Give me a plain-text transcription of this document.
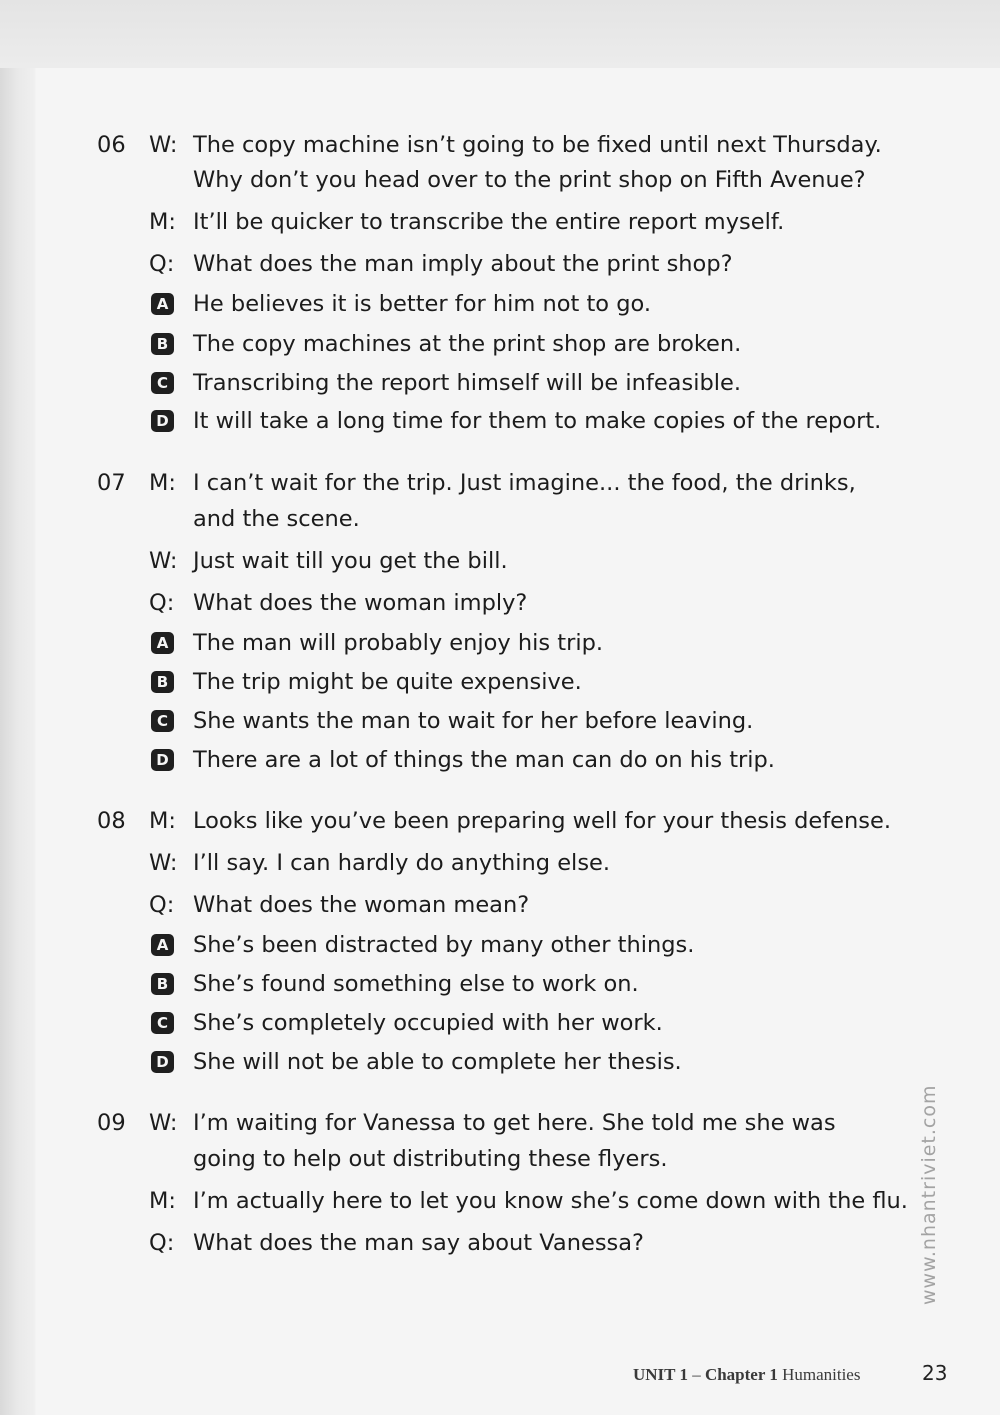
06 W: The copy machine isn’t going to be fixed until next Thursday.

Why don’t you head over to the print shop on Fifth Avenue?

M: It’ll be quicker to transcribe the entire report myself.

Q: What does the man imply about the print shop?

A He believes it is better for him not to go.

B The copy machines at the print shop are broken.

C Transcribing the report himself will be infeasible.

D It will take a long time for them to make copies of the report.

07 M: I can’t wait for the trip. Just imagine... the food, the drinks,

and the scene.

W: Just wait till you get the bill.

Q: What does the woman imply?

A The man will probably enjoy his trip.

B The trip might be quite expensive.

C She wants the man to wait for her before leaving.

D There are a lot of things the man can do on his trip.

08 M: Looks like you’ve been preparing well for your thesis defense.

W: I’ll say. I can hardly do anything else.

Q: What does the woman mean?

A She’s been distracted by many other things.

B She’s found something else to work on.

C She’s completely occupied with her work.

D She will not be able to complete her thesis.

09 W: I’m waiting for Vanessa to get here. She told me she was

going to help out distributing these flyers.

M: I’m actually here to let you know she’s come down with the flu.

Q: What does the man say about Vanessa?	www.nhantriviet.com

UNIT 1 – Chapter 1 Humanities	23
